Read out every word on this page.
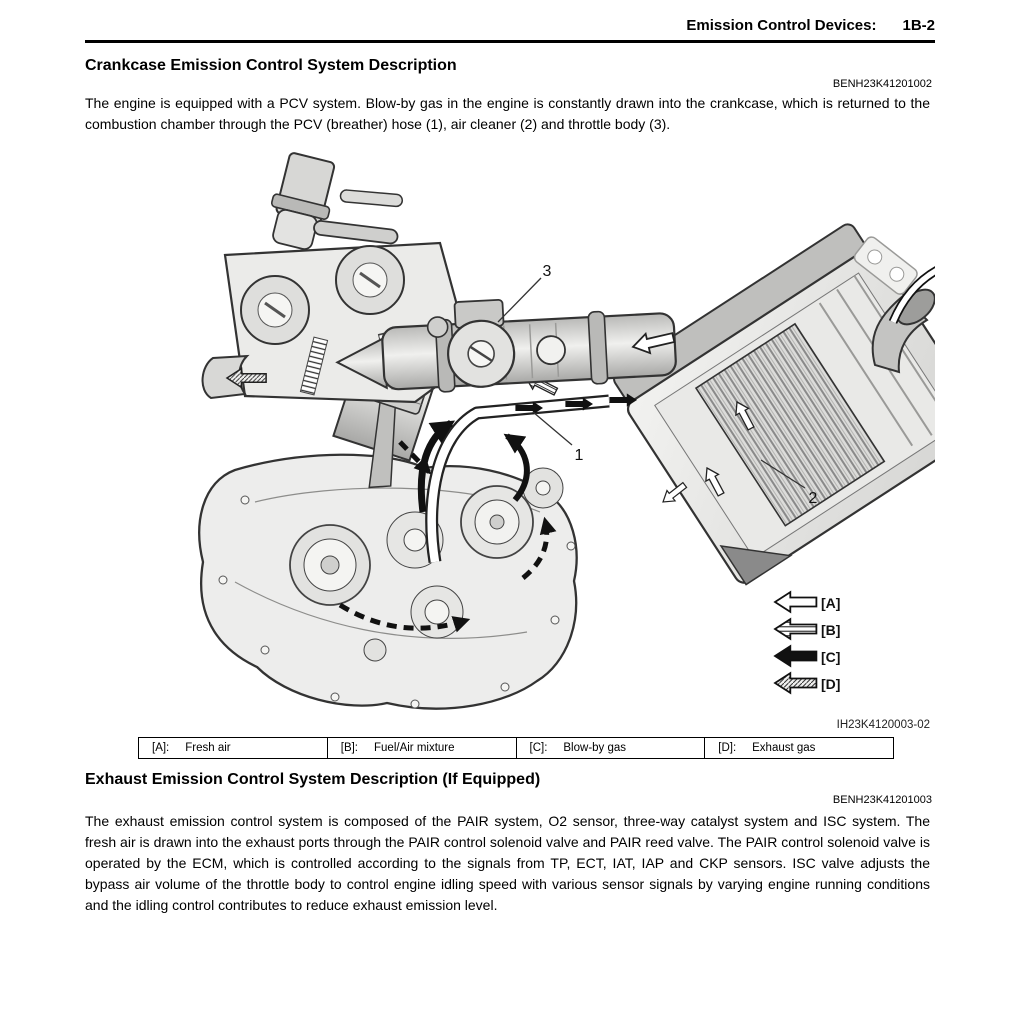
Emission Control Devices: 1B-2
Crankcase Emission Control System Description
BENH23K41201002
The engine is equipped with a PCV system. Blow-by gas in the engine is constantly drawn into the crankcase, which is returned to the combustion chamber through the PCV (breather) hose (1), air cleaner (2) and throttle body (3).
3
1
2
[A]
[B]
[C]
[D]
IH23K4120003-02
[A]: Fresh air	[B]: Fuel/Air mixture	[C]: Blow-by gas	[D]: Exhaust gas
Exhaust Emission Control System Description (If Equipped)
BENH23K41201003
The exhaust emission control system is composed of the PAIR system, O2 sensor, three-way catalyst system and ISC system. The fresh air is drawn into the exhaust ports through the PAIR control solenoid valve and PAIR reed valve. The PAIR control solenoid valve is operated by the ECM, which is controlled according to the signals from TP, ECT, IAT, IAP and CKP sensors. ISC valve adjusts the bypass air volume of the throttle body to control engine idling speed with various sensor signals by varying engine running conditions and the idling control contributes to reduce exhaust emission level.
